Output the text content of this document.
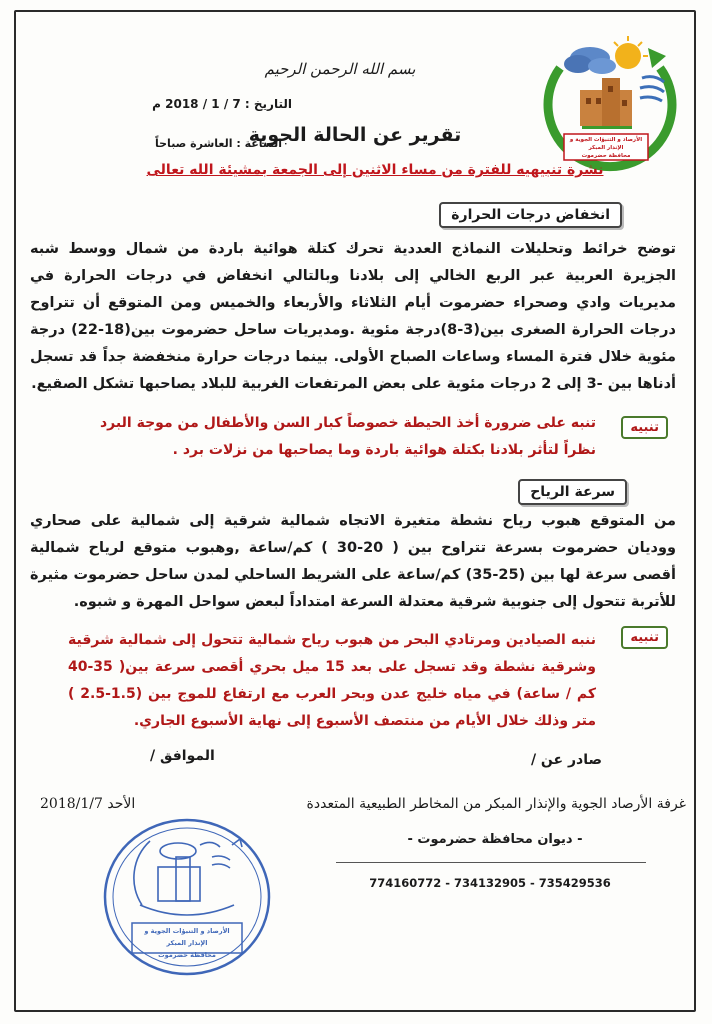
الأرصاد و التنبؤات الجوية و الإنذار المبكر
محافظة حضرموت
بسم الله الرحمن الرحيم
التاريخ : 7 / 1 / 2018 م
تقرير عن الحالة الجوية
الساعة : العاشرة صباحاً
نشرة تنبيهيه للفترة من مساء الاثنين إلى الجمعة بمشيئة الله تعالى
انخفاض درجات الحرارة
توضح خرائط وتحليلات النماذج العددية تحرك كتلة هوائية باردة من شمال ووسط شبه الجزيرة العربية عبر الربع الخالي إلى بلادنا وبالتالي انخفاض في درجات الحرارة في مديريات وادي وصحراء حضرموت أيام الثلاثاء والأربعاء والخميس ومن المتوقع أن تتراوح درجات الحرارة الصغرى بين(3-8)درجة مئوية .ومديريات ساحل حضرموت بين(18-22) درجة مئوية خلال فترة المساء وساعات الصباح الأولى. بينما درجات حرارة منخفضة جداً قد تسجل أدناها بين -3 إلى 2 درجات مئوية على بعض المرتفعات الغربية للبلاد يصاحبها تشكل الصقيع.
تنبيه
تنبه على ضرورة أخذ الحيطة خصوصاً كبار السن والأطفال من موجة البرد نظراً لتأثر بلادنا بكتلة هوائية باردة وما يصاحبها من نزلات برد .
سرعة الرياح
من المتوقع هبوب رياح نشطة متغيرة الاتجاه شمالية شرقية إلى شمالية على صحاري ووديان حضرموت بسرعة تتراوح بين ( 20-30 ) كم/ساعة ,وهبوب متوقع لرياح شمالية أقصى سرعة لها بين (25-35) كم/ساعة على الشريط الساحلي لمدن ساحل حضرموت مثيرة للأتربة تتحول إلى جنوبية شرقية معتدلة السرعة امتداداً لبعض سواحل المهرة و شبوه.
تنبيه
ننبه الصيادين ومرتادي البحر من هبوب رياح شمالية تتحول إلى شمالية شرقية وشرقية نشطة وقد تسجل على بعد 15 ميل بحري أقصى سرعة بين( 35-40 كم / ساعة) في مياه خليج عدن وبحر العرب مع ارتفاع للموج بين (1.5-2.5 ) متر وذلك خلال الأيام من منتصف الأسبوع إلى نهاية الأسبوع الجاري.
صادر عن /
الموافق /
الأحد 2018/1/7	غرفة الأرصاد الجوية والإنذار المبكر من المخاطر الطبيعية المتعددة
- ديوان محافظة حضرموت -
774160772 - 734132905 - 735429536
الأرصاد و التنبؤات الجوية و الإنذار المبكر
محافظة حضرموت
